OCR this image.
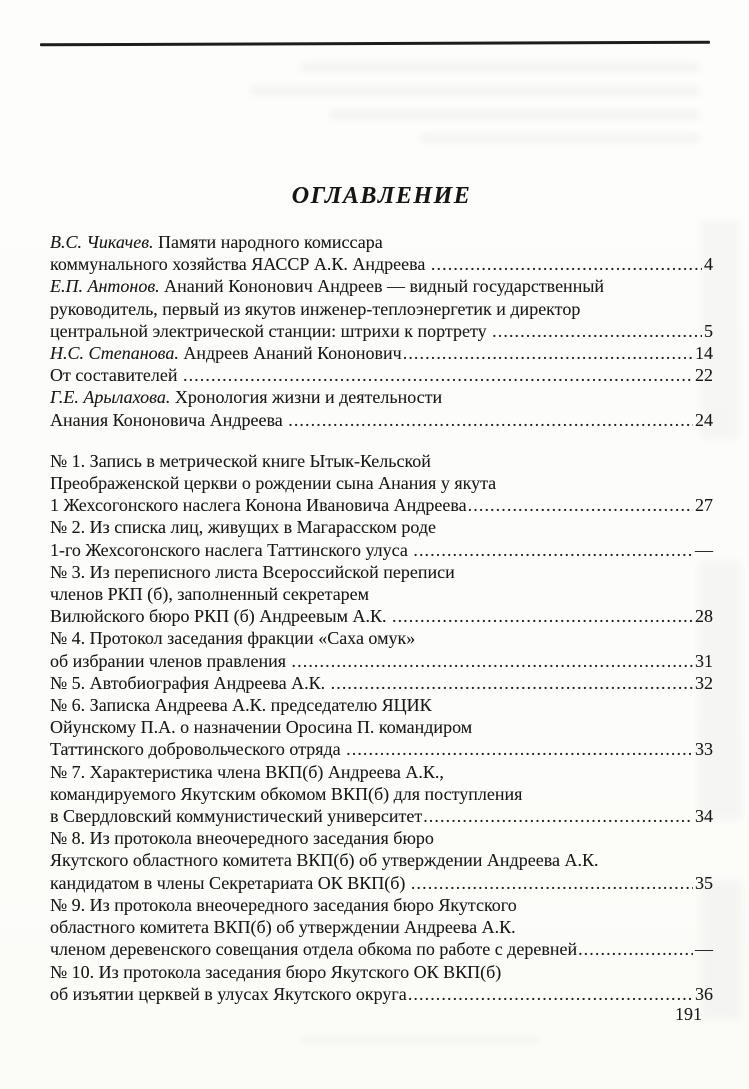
ОГЛАВЛЕНИЕ
В.С. Чикачев. Памяти народного комиссара
коммунального хозяйства ЯАССР А.К. Андреева .....	4
Е.П. Антонов. Ананий Кононович Андреев — видный государственный
руководитель, первый из якутов инженер-теплоэнергетик и директор
центральной электрической станции: штрихи к портрету .....	5
Н.С. Степанова. Андреев Ананий Кононович .....	14
От составителей .....	22
Г.Е. Арылахова. Хронология жизни и деятельности
Анания Кононовича Андреева .....	24
№ 1. Запись в метрической книге Ытык-Кельской
Преображенской церкви о рождении сына Анания у якута
1 Жехсогонского наслега Конона Ивановича Андреева .....	27
№ 2. Из списка лиц, живущих в Магарасском роде
1-го Жехсогонского наслега Таттинского улуса .....	—
№ 3. Из переписного листа Всероссийской переписи
членов РКП (б), заполненный секретарем
Вилюйского бюро РКП (б) Андреевым А.К. .....	28
№ 4. Протокол заседания фракции «Саха омук»
об избрании членов правления .....	31
№ 5. Автобиография Андреева А.К. .....	32
№ 6. Записка Андреева А.К. председателю ЯЦИК
Ойунскому П.А. о назначении Оросина П. командиром
Таттинского добровольческого отряда .....	33
№ 7. Характеристика члена ВКП(б) Андреева А.К.,
командируемого Якутским обкомом ВКП(б) для поступления
в Свердловский коммунистический университет .....	34
№ 8. Из протокола внеочередного заседания бюро
Якутского областного комитета ВКП(б) об утверждении Андреева А.К.
кандидатом в члены Секретариата ОК ВКП(б) .....	35
№ 9. Из протокола внеочередного заседания бюро Якутского
областного комитета ВКП(б) об утверждении Андреева А.К.
членом деревенского совещания отдела обкома по работе с деревней .....	—
№ 10. Из протокола заседания бюро Якутского ОК ВКП(б)
об изъятии церквей в улусах Якутского округа .....	36
191
